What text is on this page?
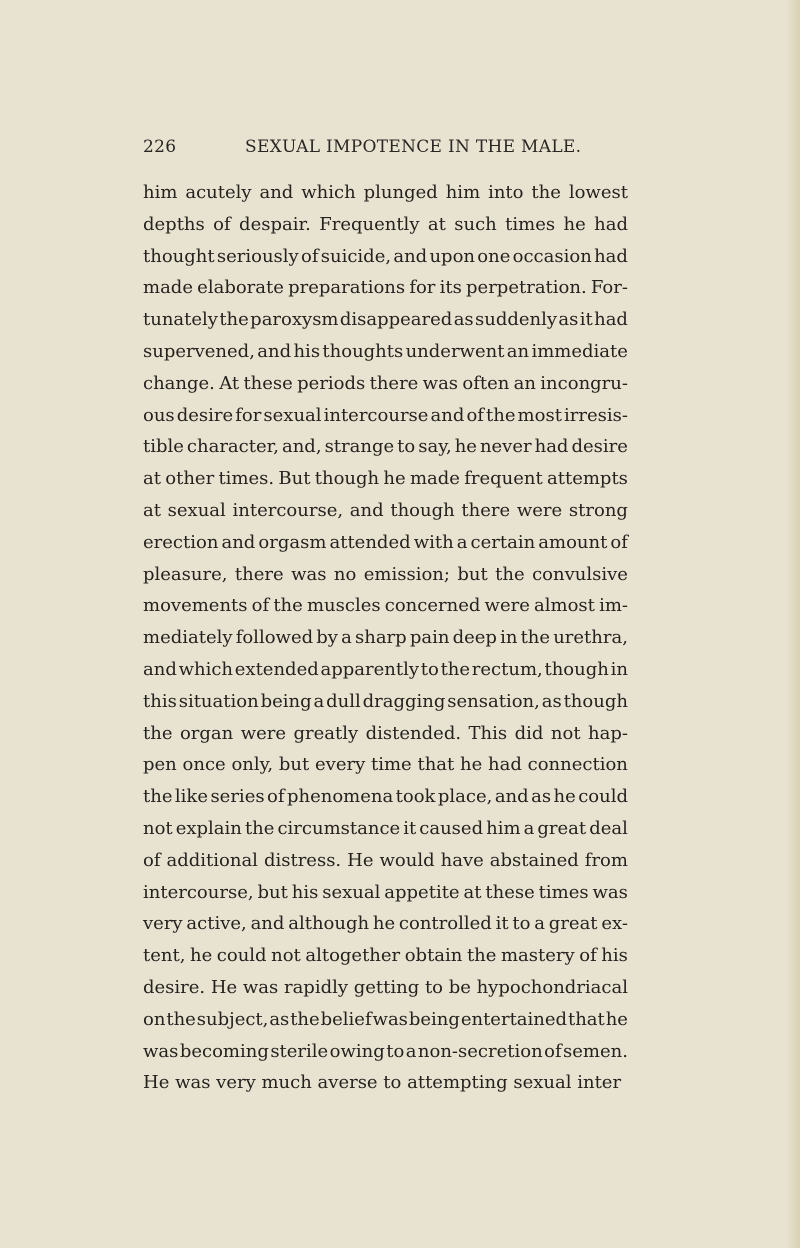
226	SEXUAL IMPOTENCE IN THE MALE.
him acutely and which plunged him into the lowest
depths of despair. Frequently at such times he had
thought seriously of suicide, and upon one occasion had
made elaborate preparations for its perpetration. For-
tunately the paroxysm disappeared as suddenly as it had
supervened, and his thoughts underwent an immediate
change. At these periods there was often an incongru-
ous desire for sexual intercourse and of the most irresis-
tible character, and, strange to say, he never had desire
at other times. But though he made frequent attempts
at sexual intercourse, and though there were strong
erection and orgasm attended with a certain amount of
pleasure, there was no emission; but the convulsive
movements of the muscles concerned were almost im-
mediately followed by a sharp pain deep in the urethra,
and which extended apparently to the rectum, though in
this situation being a dull dragging sensation, as though
the organ were greatly distended. This did not hap-
pen once only, but every time that he had connection
the like series of phenomena took place, and as he could
not explain the circumstance it caused him a great deal
of additional distress. He would have abstained from
intercourse, but his sexual appetite at these times was
very active, and although he controlled it to a great ex-
tent, he could not altogether obtain the mastery of his
desire. He was rapidly getting to be hypochondriacal
on the subject, as the belief was being entertained that he
was becoming sterile owing to a non-secretion of semen.
He was very much averse to attempting sexual inter
